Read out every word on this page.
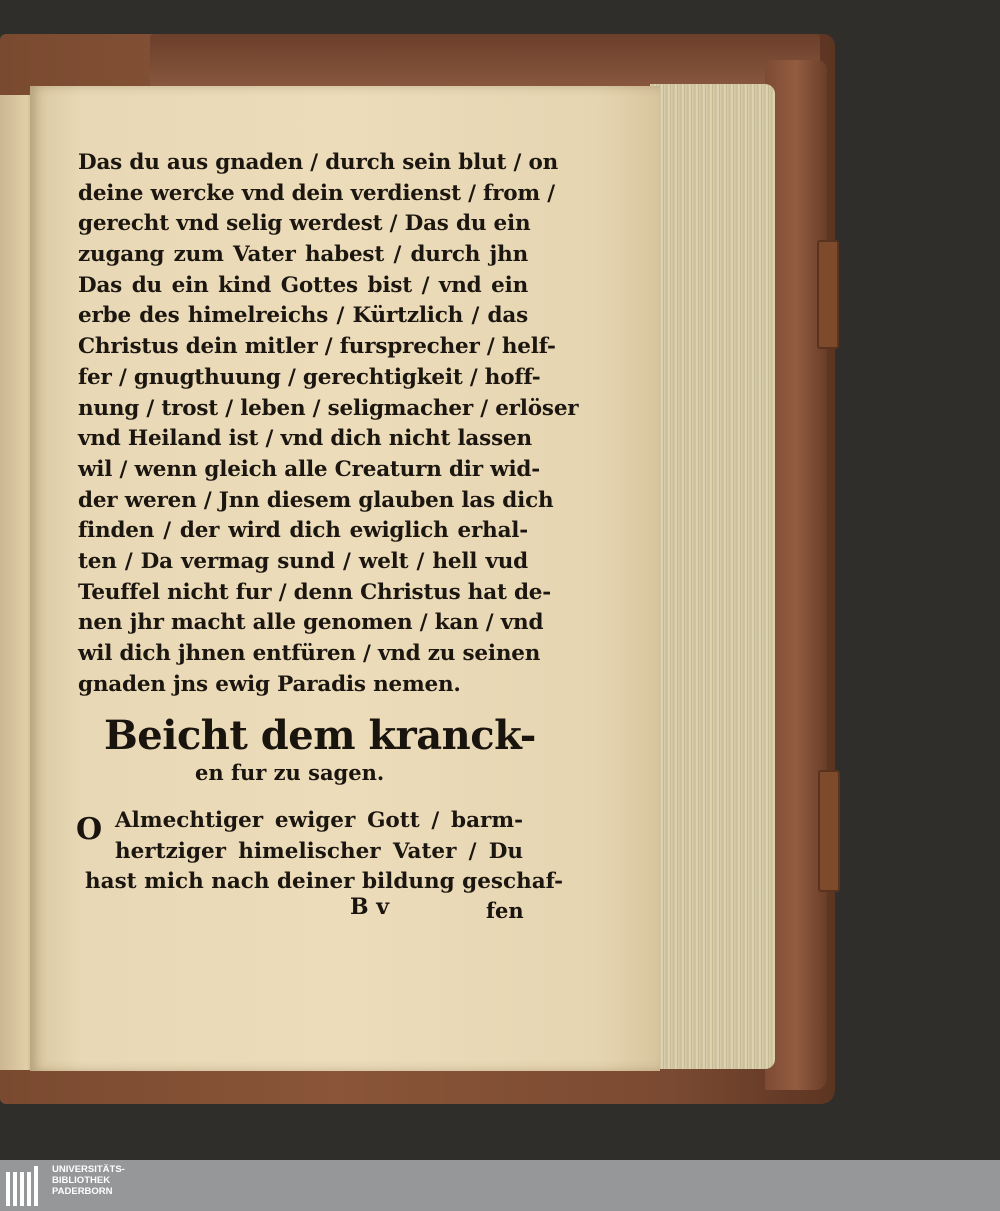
Das du aus gnaden / durch sein blut / on
deine wercke vnd dein verdienst / from /
gerecht vnd selig werdest / Das du ein
zugang zum Vater habest / durch jhn
Das du ein kind Gottes bist / vnd ein
erbe des himelreichs / Kürtzlich / das
Christus dein mitler / fursprecher / helf-
fer / gnugthuung / gerechtigkeit / hoff-
nung / trost / leben / seligmacher / erlöser
vnd Heiland ist / vnd dich nicht lassen
wil / wenn gleich alle Creaturn dir wid-
der weren / Jnn diesem glauben las dich
finden / der wird dich ewiglich erhal-
ten / Da vermag sund / welt / hell vud
Teuffel nicht fur / denn Christus hat de-
nen jhr macht alle genomen / kan / vnd
wil dich jhnen entfüren / vnd zu seinen
gnaden jns ewig Paradis nemen.
Beicht dem kranck-
en fur zu sagen.
O Almechtiger ewiger Gott / barm-
hertziger himelischer Vater / Du
hast mich nach deiner bildung geschaf-
B v	fen
UNIVERSITÄTS-
BIBLIOTHEK
PADERBORN
